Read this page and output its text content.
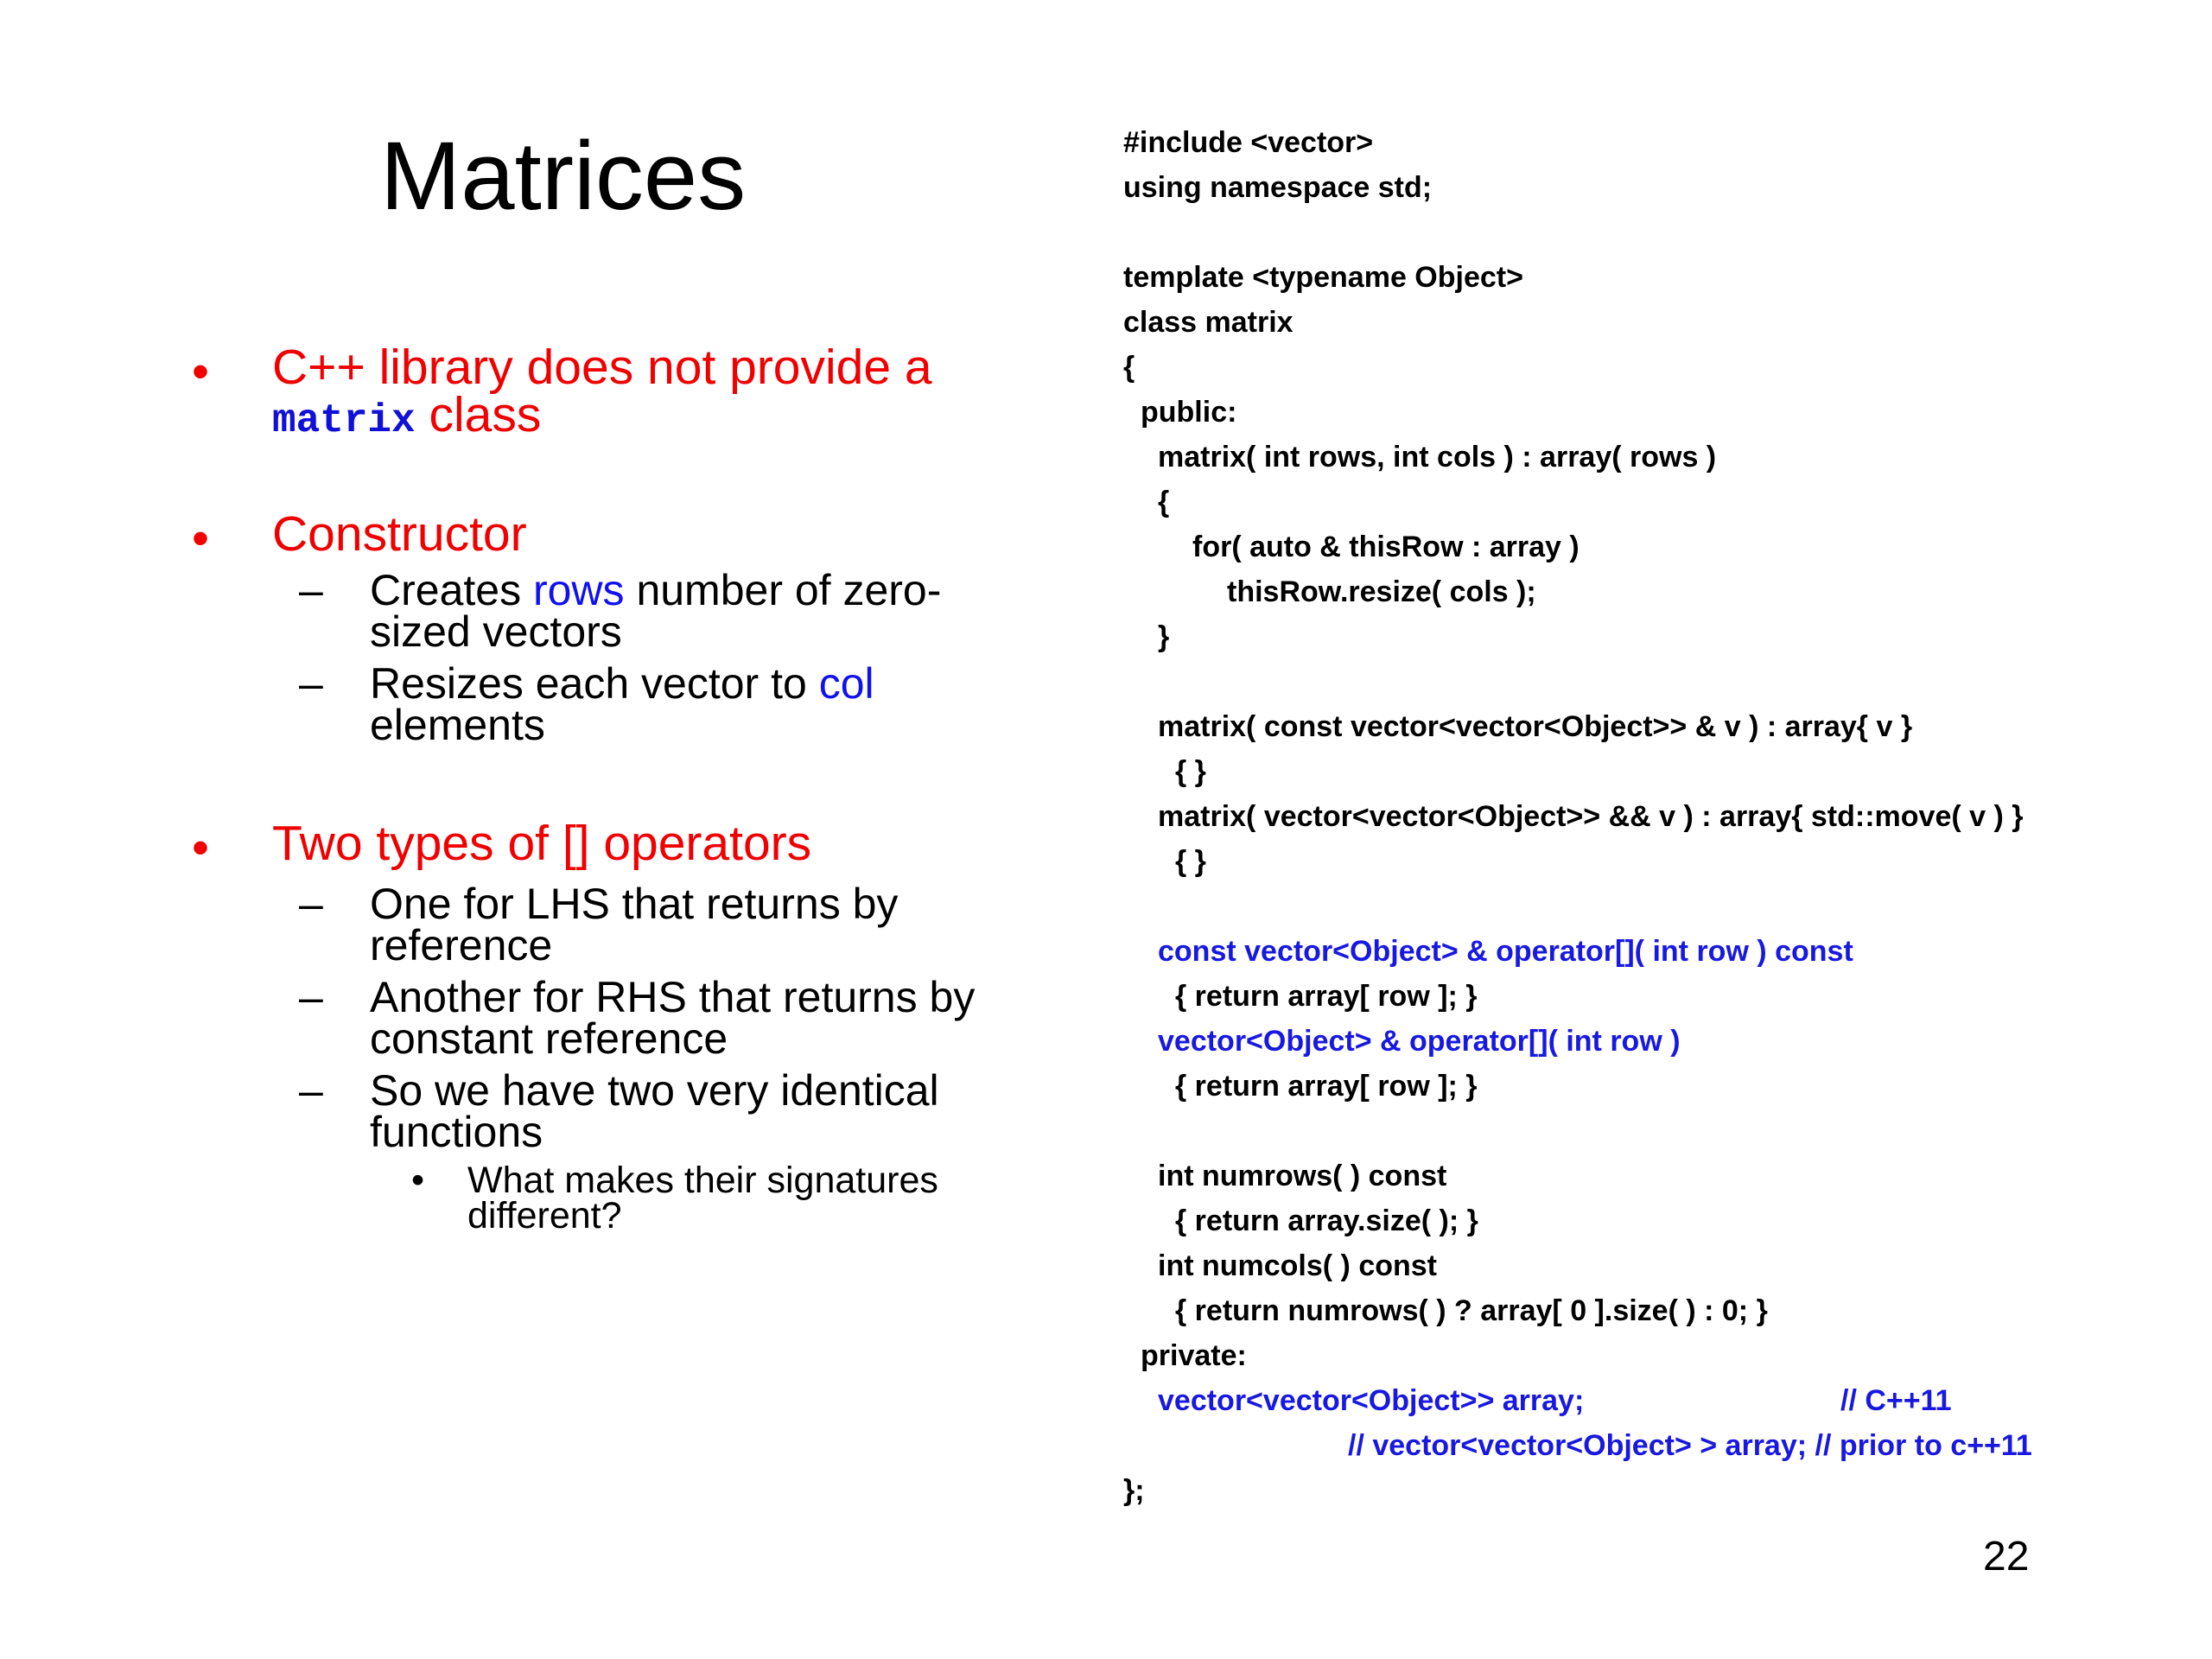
Matrices
• C++ library does not provide a
matrix class
• Constructor
– Creates rows number of zero-
sized vectors
– Resizes each vector to col
elements
• Two types of [] operators
– One for LHS that returns by
reference
– Another for RHS that returns by
constant reference
– So we have two very identical
functions
• What makes their signatures
different?
#include <vector>
using namespace std;
template <typename Object>
class matrix
{
public:
matrix( int rows, int cols ) : array( rows )
{
for( auto & thisRow : array )
thisRow.resize( cols );
}
matrix( const vector<vector<Object>> & v ) : array{ v }
{ }
matrix( vector<vector<Object>> && v ) : array{ std::move( v ) }
{ }
const vector<Object> & operator[]( int row ) const
{ return array[ row ]; }
vector<Object> & operator[]( int row )
{ return array[ row ]; }
int numrows( ) const
{ return array.size( ); }
int numcols( ) const
{ return numrows( ) ? array[ 0 ].size( ) : 0; }
private:
vector<vector<Object>> array;	// C++11
// vector<vector<Object> > array; // prior to c++11
};
22
